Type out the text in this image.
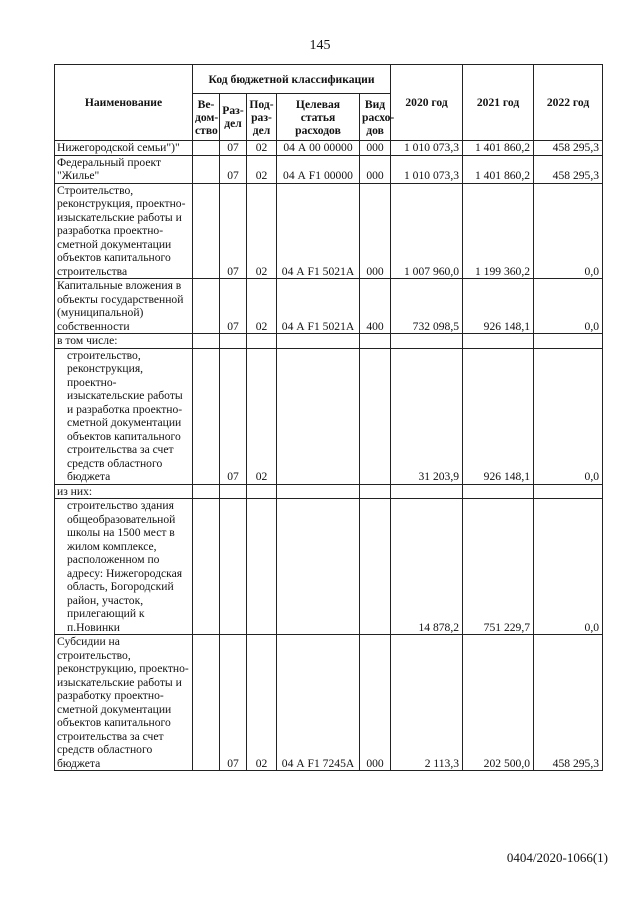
145
Наименование	Код бюджетной классификации					2020 год	2021 год	2022 год
	Ве-дом-ство	Раз-дел	Под-раз-дел	Целевая статья расходов	Вид расхо-дов			
Нижегородской семьи")"		07	02	04 А 00 00000	000	1 010 073,3	1 401 860,2	458 295,3
Федеральный проект "Жилье"		07	02	04 А F1 00000	000	1 010 073,3	1 401 860,2	458 295,3
Строительство, реконструкция, проектно-изыскательские работы и разработка проектно-сметной документации объектов капитального строительства		07	02	04 А F1 5021А	000	1 007 960,0	1 199 360,2	0,0
Капитальные вложения в объекты государственной (муниципальной) собственности		07	02	04 А F1 5021А	400	732 098,5	926 148,1	0,0
в том числе:								
строительство, реконструкция, проектно-изыскательские работы и разработка проектно-сметной документации объектов капитального строительства за счет средств областного бюджета		07	02			31 203,9	926 148,1	0,0
из них:								
строительство здания общеобразовательной школы на 1500 мест в жилом комплексе, расположенном по адресу: Нижегородская область, Богородский район, участок, прилегающий к п.Новинки						14 878,2	751 229,7	0,0
Субсидии на строительство, реконструкцию, проектно-изыскательские работы и разработку проектно-сметной документации объектов капитального строительства за счет средств областного бюджета		07	02	04 А F1 7245А	000	2 113,3	202 500,0	458 295,3
0404/2020-1066(1)
